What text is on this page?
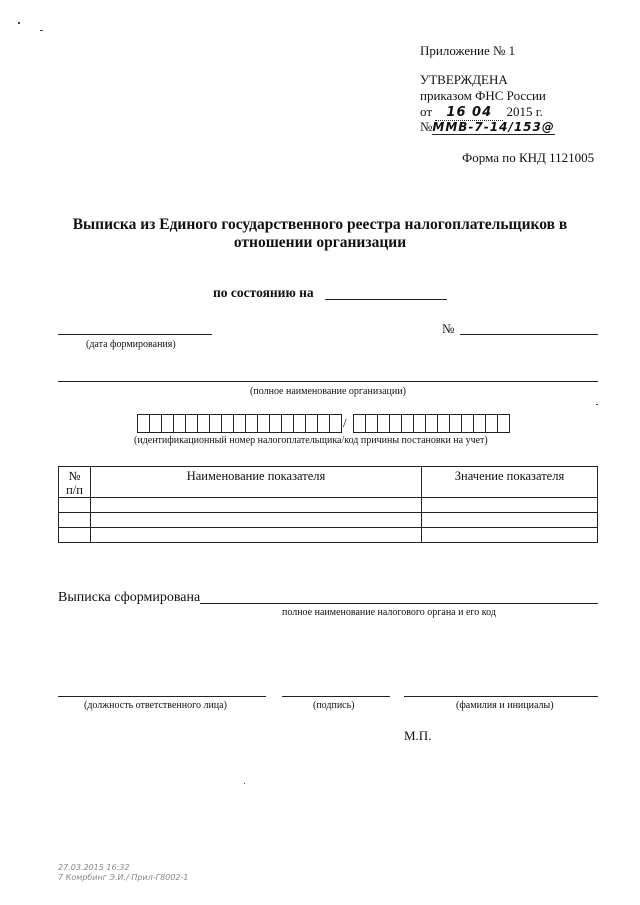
Приложение № 1
УТВЕРЖДЕНА
приказом ФНС России
от 16 04 2015 г.
№ММВ-7-14/153@
Форма по КНД 1121005
Выписка из Единого государственного реестра налогоплательщиков в
отношении организации
по состоянию на
(дата формирования)
№
(полное наименование организации)
/
(идентификационный номер налогоплательщика/код причины постановки на учет)
№ п/п	Наименование показателя	Значение показателя

Выписка сформирована
полное наименование налогового органа и его код
(должность ответственного лица)	(подпись)	(фамилия и инициалы)
М.П.
27.03.2015 16:32
7 Комрбинг Э.И./ Прил-Г8002-1
